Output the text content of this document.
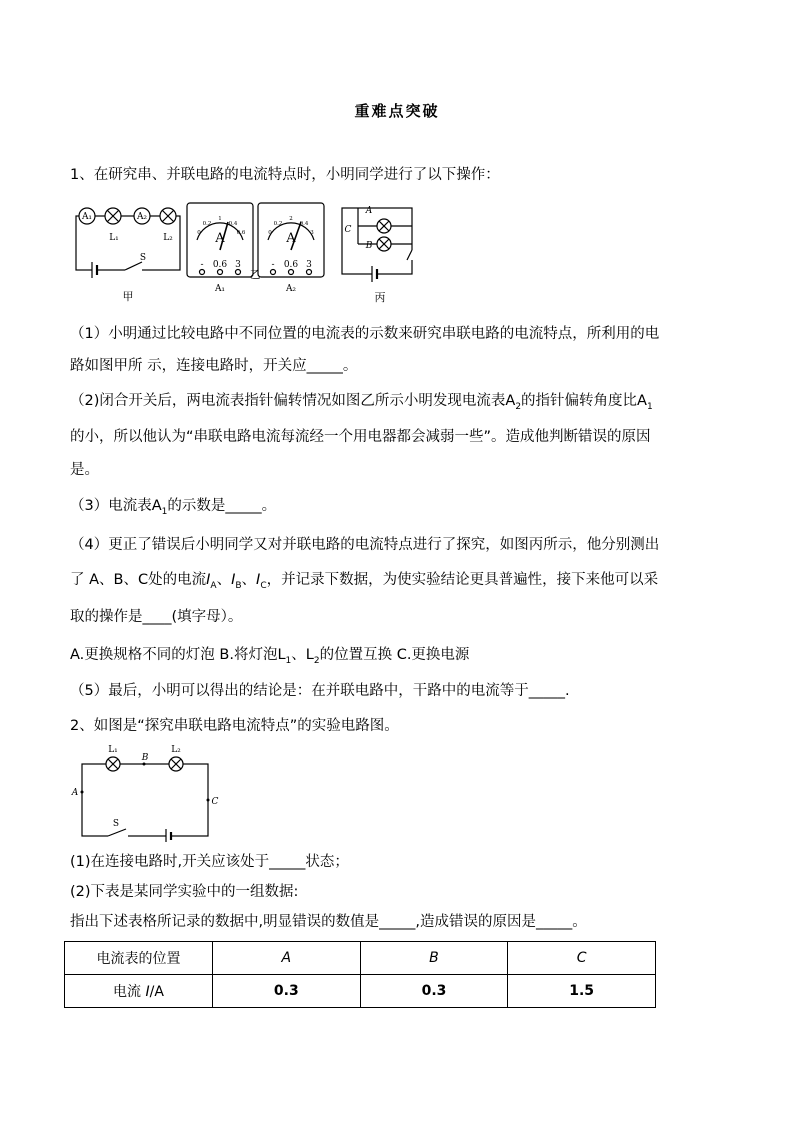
重难点突破
1、在研究串、并联电路的电流特点时，小明同学进行了以下操作：
A₁	A₂
L₁	L₂
S
甲
A	A
- 0.6 3	- 0.6 3
A₁	A₂
乙
A
B
C
丙
0
0.2
1
0.4
0.6	0
0.2
2
0.4
3
（1）小明通过比较电路中不同位置的电流表的示数来研究串联电路的电流特点，所利用的电
路如图甲所 示，连接电路时，开关应_____。
（2)闭合开关后，两电流表指针偏转情况如图乙所示小明发现电流表$A_2$的指针偏转角度比$A_1$
的小，所以他认为“串联电路电流每流经一个用电器都会减弱一些”。造成他判断错误的原因
是。
（3）电流表$A_1$的示数是_____。
（4）更正了错误后小明同学又对并联电路的电流特点进行了探究，如图丙所示，他分别测出
了 A、B、C处的电流$I_A$、$I_B$、$I_C$，并记录下数据，为使实验结论更具普遍性，接下来他可以采
取的操作是____(填字母）。
A.更换规格不同的灯泡 B.将灯泡$L_1$、$L_2$的位置互换 C.更换电源
（5）最后，小明可以得出的结论是：在并联电路中，干路中的电流等于_____.
2、如图是“探究串联电路电流特点”的实验电路图。
L₁	L₂
B
A
C
S
(1)在连接电路时,开关应该处于_____状态；
(2)下表是某同学实验中的一组数据:
指出下述表格所记录的数据中,明显错误的数值是_____,造成错误的原因是_____。
电流表的位置	A	B	C
电流 I/A	0.3	0.3	1.5
